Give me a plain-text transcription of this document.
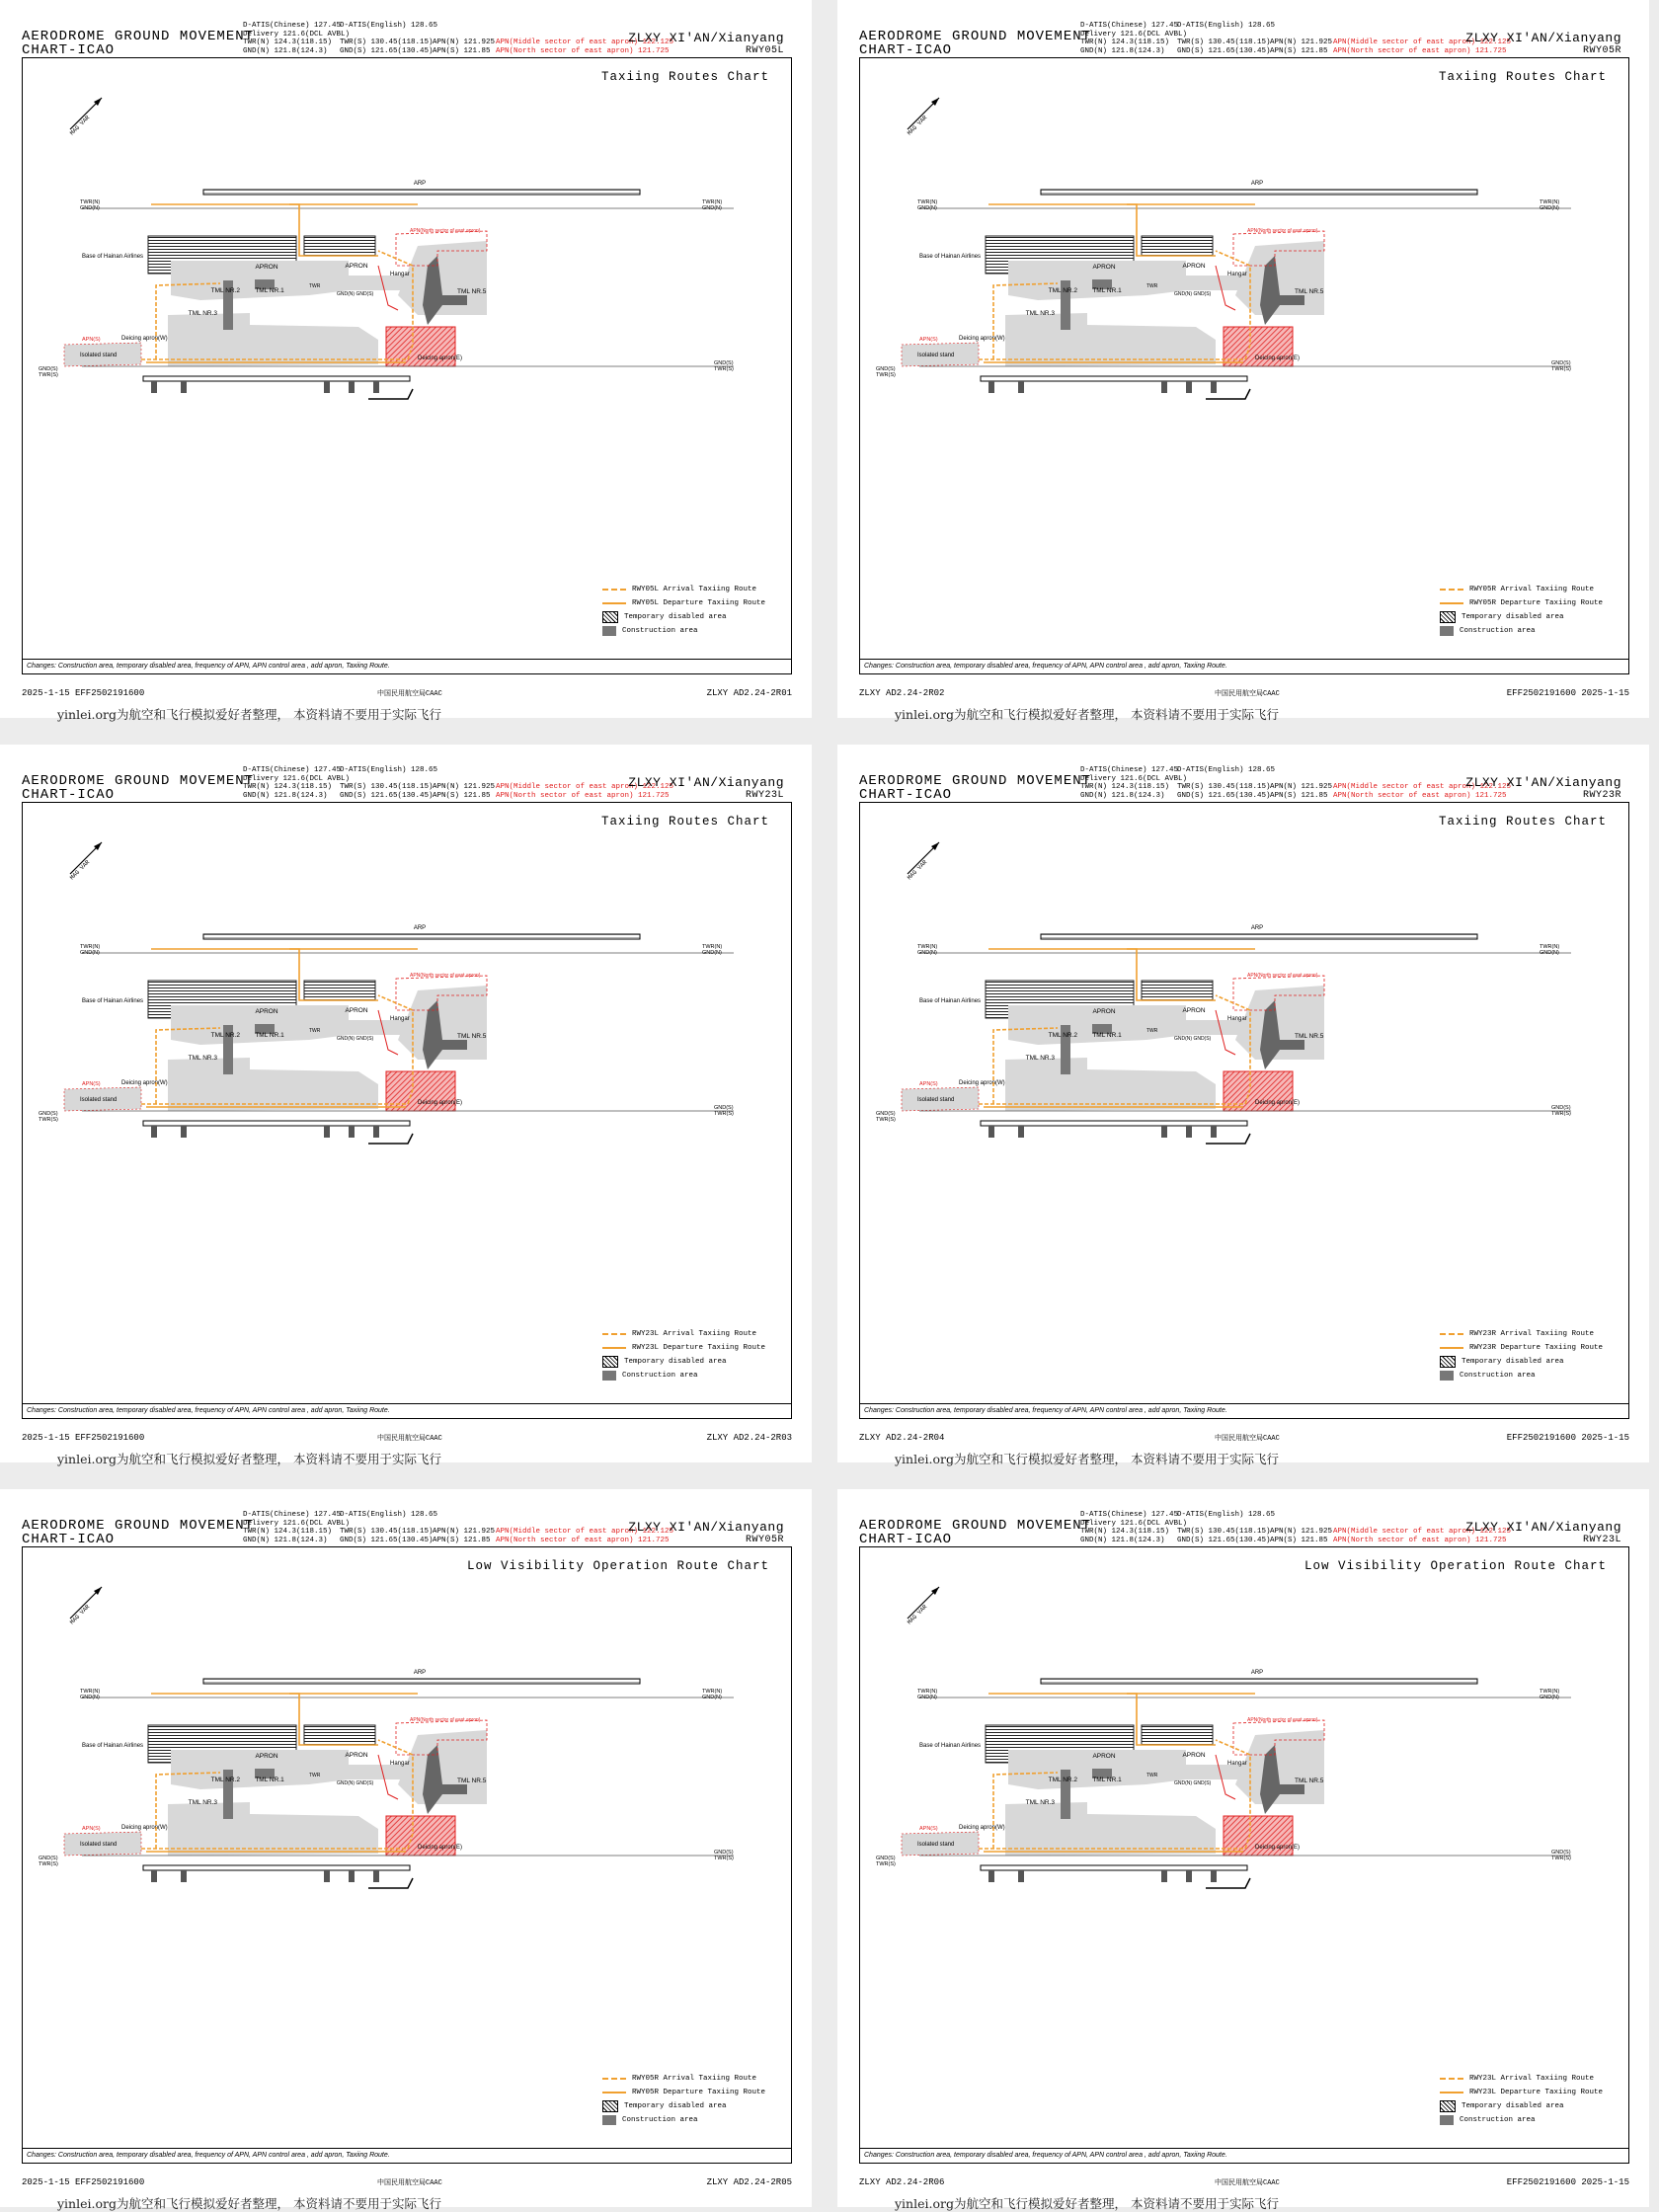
AERODROME GROUND MOVEMENT
CHART-ICAO
D-ATIS(Chinese) 127.45
D-ATIS(English) 128.65
Delivery 121.6(DCL AVBL)
TWR(N) 124.3(118.15) TWR(S) 130.45(118.15) APN(N) 121.925 APN(Middle sector of east apron) 122.125
GND(N) 121.8(124.3) GND(S) 121.65(130.45) APN(S) 121.85 APN(North sector of east apron) 121.725
ZLXY XI'AN/Xianyang
RWY05L
MAG VAR
ARP
TWR(N)
GND(N)
TWR(N)
GND(N)
APRON	APRON
TML NR.1
TML NR.2
TML NR.3
TML NR.5
Hangar
Base of Hainan Airlines
Deicing apron(W)
Deicing apron(E)
Isolated stand
APN(S)
APN(North sector of east apron)
TWR
GND(N) GND(S)
GND(S)
TWR(S)
GND(S)
TWR(S)
Taxiing Routes Chart
RWY05L Arrival Taxiing Route
RWY05L Departure Taxiing Route
Temporary disabled area
Construction area
Changes: Construction area, temporary disabled area, frequency of APN, APN control area , add apron, Taxiing Route.
2025-1-15 EFF2502191600	中国民用航空局CAAC	ZLXY AD2.24-2R01
yinlei.org为航空和飞行模拟爱好者整理， 本资料请不要用于实际飞行
AERODROME GROUND MOVEMENT
CHART-ICAO
D-ATIS(Chinese) 127.45
D-ATIS(English) 128.65
Delivery 121.6(DCL AVBL)
TWR(N) 124.3(118.15) TWR(S) 130.45(118.15) APN(N) 121.925 APN(Middle sector of east apron) 122.125
GND(N) 121.8(124.3) GND(S) 121.65(130.45) APN(S) 121.85 APN(North sector of east apron) 121.725
ZLXY XI'AN/Xianyang
RWY05R
MAG VAR
ARP
TWR(N)
GND(N)
TWR(N)
GND(N)
APRON	APRON
TML NR.1
TML NR.2
TML NR.3
TML NR.5
Hangar
Base of Hainan Airlines
Deicing apron(W)
Deicing apron(E)
Isolated stand
APN(S)
APN(North sector of east apron)
TWR
GND(N) GND(S)
GND(S)
TWR(S)
GND(S)
TWR(S)
Taxiing Routes Chart
RWY05R Arrival Taxiing Route
RWY05R Departure Taxiing Route
Temporary disabled area
Construction area
Changes: Construction area, temporary disabled area, frequency of APN, APN control area , add apron, Taxiing Route.
ZLXY AD2.24-2R02	中国民用航空局CAAC	EFF2502191600 2025-1-15
yinlei.org为航空和飞行模拟爱好者整理， 本资料请不要用于实际飞行
AERODROME GROUND MOVEMENT
CHART-ICAO
D-ATIS(Chinese) 127.45
D-ATIS(English) 128.65
Delivery 121.6(DCL AVBL)
TWR(N) 124.3(118.15) TWR(S) 130.45(118.15) APN(N) 121.925 APN(Middle sector of east apron) 122.125
GND(N) 121.8(124.3) GND(S) 121.65(130.45) APN(S) 121.85 APN(North sector of east apron) 121.725
ZLXY XI'AN/Xianyang
RWY23L
MAG VAR
ARP
TWR(N)
GND(N)
TWR(N)
GND(N)
APRON	APRON
TML NR.1
TML NR.2
TML NR.3
TML NR.5
Hangar
Base of Hainan Airlines
Deicing apron(W)
Deicing apron(E)
Isolated stand
APN(S)
APN(North sector of east apron)
TWR
GND(N) GND(S)
GND(S)
TWR(S)
GND(S)
TWR(S)
Taxiing Routes Chart
RWY23L Arrival Taxiing Route
RWY23L Departure Taxiing Route
Temporary disabled area
Construction area
Changes: Construction area, temporary disabled area, frequency of APN, APN control area , add apron, Taxiing Route.
2025-1-15 EFF2502191600	中国民用航空局CAAC	ZLXY AD2.24-2R03
yinlei.org为航空和飞行模拟爱好者整理， 本资料请不要用于实际飞行
AERODROME GROUND MOVEMENT
CHART-ICAO
D-ATIS(Chinese) 127.45
D-ATIS(English) 128.65
Delivery 121.6(DCL AVBL)
TWR(N) 124.3(118.15) TWR(S) 130.45(118.15) APN(N) 121.925 APN(Middle sector of east apron) 122.125
GND(N) 121.8(124.3) GND(S) 121.65(130.45) APN(S) 121.85 APN(North sector of east apron) 121.725
ZLXY XI'AN/Xianyang
RWY23R
MAG VAR
ARP
TWR(N)
GND(N)
TWR(N)
GND(N)
APRON	APRON
TML NR.1
TML NR.2
TML NR.3
TML NR.5
Hangar
Base of Hainan Airlines
Deicing apron(W)
Deicing apron(E)
Isolated stand
APN(S)
APN(North sector of east apron)
TWR
GND(N) GND(S)
GND(S)
TWR(S)
GND(S)
TWR(S)
Taxiing Routes Chart
RWY23R Arrival Taxiing Route
RWY23R Departure Taxiing Route
Temporary disabled area
Construction area
Changes: Construction area, temporary disabled area, frequency of APN, APN control area , add apron, Taxiing Route.
ZLXY AD2.24-2R04	中国民用航空局CAAC	EFF2502191600 2025-1-15
yinlei.org为航空和飞行模拟爱好者整理， 本资料请不要用于实际飞行
AERODROME GROUND MOVEMENT
CHART-ICAO
D-ATIS(Chinese) 127.45
D-ATIS(English) 128.65
Delivery 121.6(DCL AVBL)
TWR(N) 124.3(118.15) TWR(S) 130.45(118.15) APN(N) 121.925 APN(Middle sector of east apron) 122.125
GND(N) 121.8(124.3) GND(S) 121.65(130.45) APN(S) 121.85 APN(North sector of east apron) 121.725
ZLXY XI'AN/Xianyang
RWY05R
MAG VAR
ARP
TWR(N)
GND(N)
TWR(N)
GND(N)
APRON	APRON
TML NR.1
TML NR.2
TML NR.3
TML NR.5
Hangar
Base of Hainan Airlines
Deicing apron(W)
Deicing apron(E)
Isolated stand
APN(S)
APN(North sector of east apron)
TWR
GND(N) GND(S)
GND(S)
TWR(S)
GND(S)
TWR(S)
Low Visibility Operation Route Chart
RWY05R Arrival Taxiing Route
RWY05R Departure Taxiing Route
Temporary disabled area
Construction area
Changes: Construction area, temporary disabled area, frequency of APN, APN control area , add apron, Taxiing Route.
2025-1-15 EFF2502191600	中国民用航空局CAAC	ZLXY AD2.24-2R05
yinlei.org为航空和飞行模拟爱好者整理， 本资料请不要用于实际飞行
AERODROME GROUND MOVEMENT
CHART-ICAO
D-ATIS(Chinese) 127.45
D-ATIS(English) 128.65
Delivery 121.6(DCL AVBL)
TWR(N) 124.3(118.15) TWR(S) 130.45(118.15) APN(N) 121.925 APN(Middle sector of east apron) 122.125
GND(N) 121.8(124.3) GND(S) 121.65(130.45) APN(S) 121.85 APN(North sector of east apron) 121.725
ZLXY XI'AN/Xianyang
RWY23L
MAG VAR
ARP
TWR(N)
GND(N)
TWR(N)
GND(N)
APRON	APRON
TML NR.1
TML NR.2
TML NR.3
TML NR.5
Hangar
Base of Hainan Airlines
Deicing apron(W)
Deicing apron(E)
Isolated stand
APN(S)
APN(North sector of east apron)
TWR
GND(N) GND(S)
GND(S)
TWR(S)
GND(S)
TWR(S)
Low Visibility Operation Route Chart
RWY23L Arrival Taxiing Route
RWY23L Departure Taxiing Route
Temporary disabled area
Construction area
Changes: Construction area, temporary disabled area, frequency of APN, APN control area , add apron, Taxiing Route.
ZLXY AD2.24-2R06	中国民用航空局CAAC	EFF2502191600 2025-1-15
yinlei.org为航空和飞行模拟爱好者整理， 本资料请不要用于实际飞行
